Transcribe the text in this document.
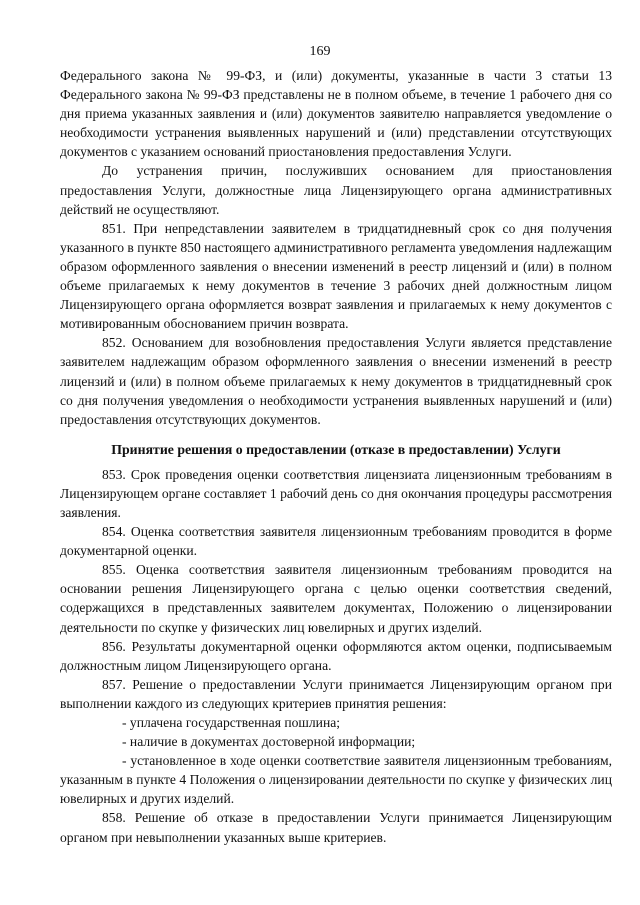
169

Федерального закона № 99-ФЗ, и (или) документы, указанные в части 3 статьи 13 Федерального закона № 99-ФЗ представлены не в полном объеме, в течение 1 рабочего дня со дня приема указанных заявления и (или) документов заявителю направляется уведомление о необходимости устранения выявленных нарушений и (или) представлении отсутствующих документов с указанием оснований приостановления предоставления Услуги.

До устранения причин, послуживших основанием для приостановления предоставления Услуги, должностные лица Лицензирующего органа административных действий не осуществляют.

851. При непредставлении заявителем в тридцатидневный срок со дня получения указанного в пункте 850 настоящего административного регламента уведомления надлежащим образом оформленного заявления о внесении изменений в реестр лицензий и (или) в полном объеме прилагаемых к нему документов в течение 3 рабочих дней должностным лицом Лицензирующего органа оформляется возврат заявления и прилагаемых к нему документов с мотивированным обоснованием причин возврата.

852. Основанием для возобновления предоставления Услуги является представление заявителем надлежащим образом оформленного заявления о внесении изменений в реестр лицензий и (или) в полном объеме прилагаемых к нему документов в тридцатидневный срок со дня получения уведомления о необходимости устранения выявленных нарушений и (или) предоставления отсутствующих документов.

Принятие решения о предоставлении (отказе в предоставлении) Услуги

853. Срок проведения оценки соответствия лицензиата лицензионным требованиям в Лицензирующем органе составляет 1 рабочий день со дня окончания процедуры рассмотрения заявления.

854. Оценка соответствия заявителя лицензионным требованиям проводится в форме документарной оценки.

855. Оценка соответствия заявителя лицензионным требованиям проводится на основании решения Лицензирующего органа с целью оценки соответствия сведений, содержащихся в представленных заявителем документах, Положению о лицензировании деятельности по скупке у физических лиц ювелирных и других изделий.

856. Результаты документарной оценки оформляются актом оценки, подписываемым должностным лицом Лицензирующего органа.

857. Решение о предоставлении Услуги принимается Лицензирующим органом при выполнении каждого из следующих критериев принятия решения:

- уплачена государственная пошлина;
- наличие в документах достоверной информации;
- установленное в ходе оценки соответствие заявителя лицензионным требованиям, указанным в пункте 4 Положения о лицензировании деятельности по скупке у физических лиц ювелирных и других изделий.

858. Решение об отказе в предоставлении Услуги принимается Лицензирующим органом при невыполнении указанных выше критериев.
